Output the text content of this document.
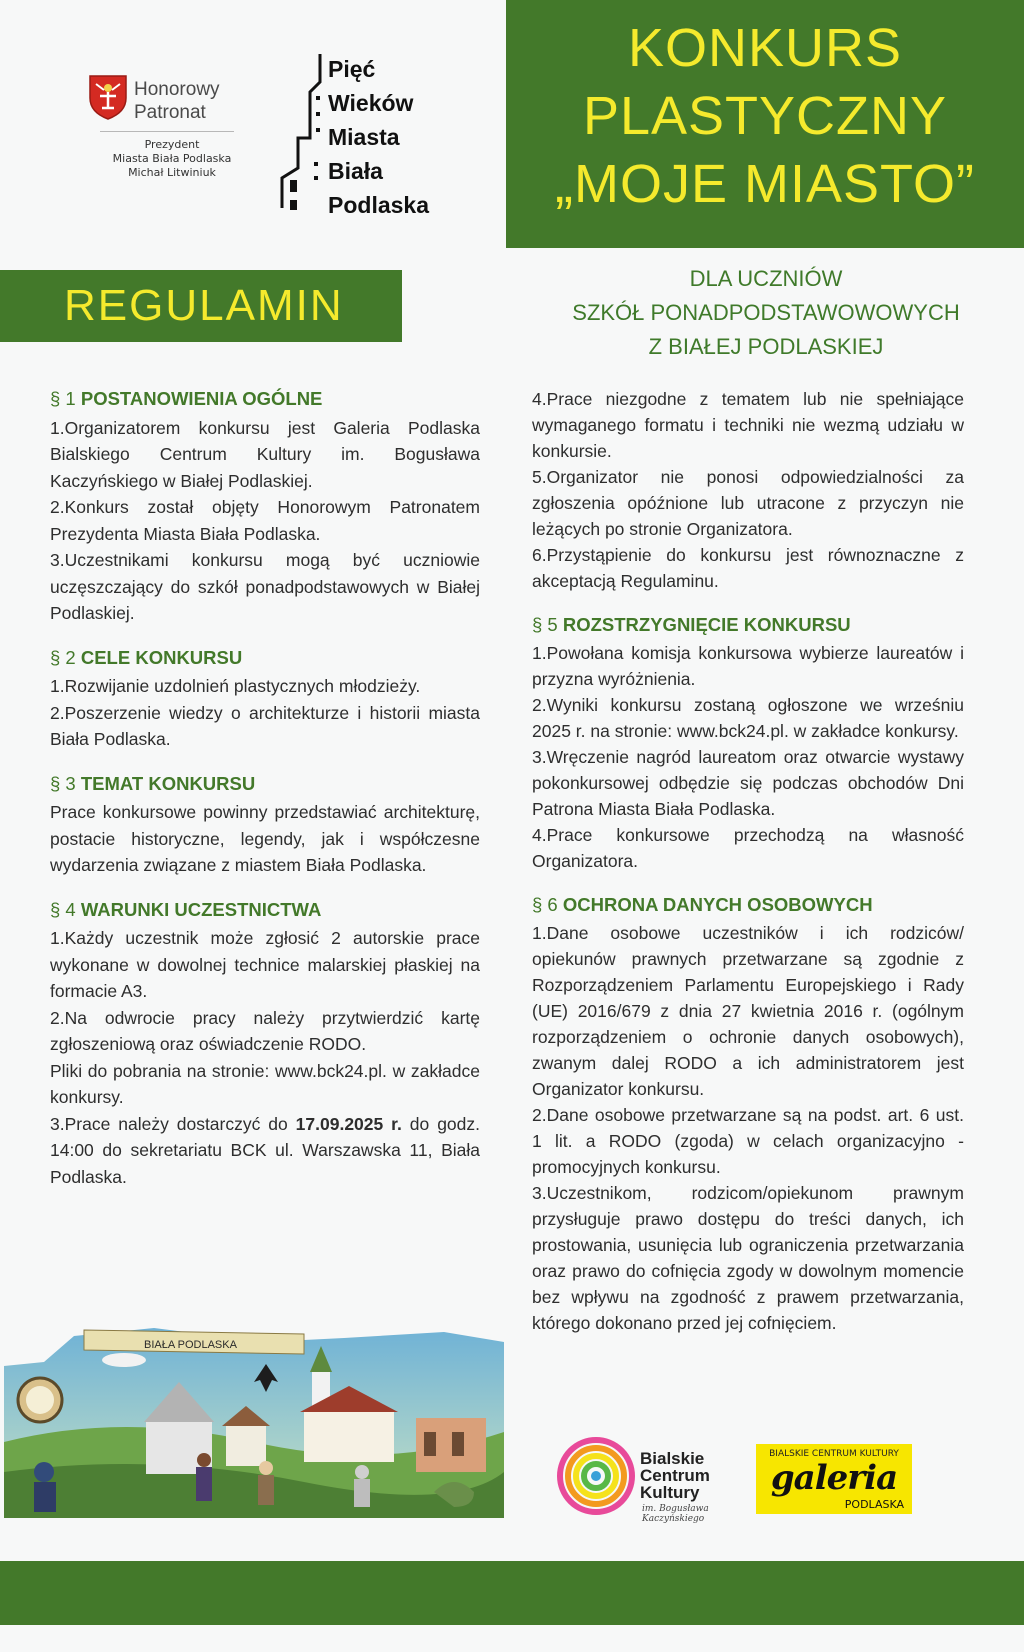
KONKURS
PLASTYCZNY
„MOJE MIASTO”
Honorowy
Patronat
Prezydent
Miasta Biała Podlaska
Michał Litwiniuk
Pięć
Wieków
Miasta
Biała
Podlaska
REGULAMIN
DLA UCZNIÓW
SZKÓŁ PONADPODSTAWOWOWYCH
Z BIAŁEJ PODLASKIEJ

§ 1 POSTANOWIENIA OGÓLNE

1.Organizatorem konkursu jest Galeria Podlaska Bialskiego Centrum Kultury im. Bogusława Kaczyńskiego w Białej Podlaskiej.

2.Konkurs został objęty Honorowym Patronatem Prezydenta Miasta Biała Podlaska.

3.Uczestnikami konkursu mogą być uczniowie uczęszczający do szkół ponadpodstawowych w Białej Podlaskiej.

§ 2 CELE KONKURSU

1.Rozwijanie uzdolnień plastycznych młodzieży.

2.Poszerzenie wiedzy o architekturze i historii miasta Biała Podlaska.

§ 3 TEMAT KONKURSU

Prace konkursowe powinny przedstawiać architekturę, postacie historyczne, legendy, jak i współczesne wydarzenia związane z miastem Biała Podlaska.

§ 4 WARUNKI UCZESTNICTWA

1.Każdy uczestnik może zgłosić 2 autorskie prace wykonane w dowolnej technice malarskiej płaskiej na formacie A3.

2.Na odwrocie pracy należy przytwierdzić kartę zgłoszeniową oraz oświadczenie RODO.

Pliki do pobrania na stronie: www.bck24.pl. w zakładce konkursy.

3.Prace należy dostarczyć do 17.09.2025 r. do godz. 14:00 do sekretariatu BCK ul. Warszawska 11, Biała Podlaska.

4.Prace niezgodne z tematem lub nie spełniające wymaganego formatu i techniki nie wezmą udziału w konkursie.

5.Organizator nie ponosi odpowiedzialności za zgłoszenia opóźnione lub utracone z przyczyn nie leżących po stronie Organizatora.

6.Przystąpienie do konkursu jest równoznaczne z akceptacją Regulaminu.

§ 5 ROZSTRZYGNIĘCIE KONKURSU

1.Powołana komisja konkursowa wybierze laureatów i przyzna wyróżnienia.

2.Wyniki konkursu zostaną ogłoszone we wrześniu 2025 r. na stronie: www.bck24.pl. w zakładce konkursy.

3.Wręczenie nagród laureatom oraz otwarcie wystawy pokonkursowej odbędzie się podczas obchodów Dni Patrona Miasta Biała Podlaska.

4.Prace konkursowe przechodzą na własność Organizatora.

§ 6 OCHRONA DANYCH OSOBOWYCH

1.Dane osobowe uczestników i ich rodziców/ opiekunów prawnych przetwarzane są zgodnie z Rozporządzeniem Parlamentu Europejskiego i Rady (UE) 2016/679 z dnia 27 kwietnia 2016 r. (ogólnym rozporządzeniem o ochronie danych osobowych), zwanym dalej RODO a ich administratorem jest Organizator konkursu.

2.Dane osobowe przetwarzane są na podst. art. 6 ust. 1 lit. a RODO (zgoda) w celach organizacyjno - promocyjnych konkursu.

3.Uczestnikom, rodzicom/opiekunom prawnym przysługuje prawo dostępu do treści danych, ich prostowania, usunięcia lub ograniczenia przetwarzania oraz prawo do cofnięcia zgody w dowolnym momencie bez wpływu na zgodność z prawem przetwarzania, którego dokonano przed jej cofnięciem.

BIAŁA PODLASKA
Bialskie
Centrum
Kultury
im. Bogusława Kaczyńskiego
BIALSKIE CENTRUM KULTURY
galeria
PODLASKA
